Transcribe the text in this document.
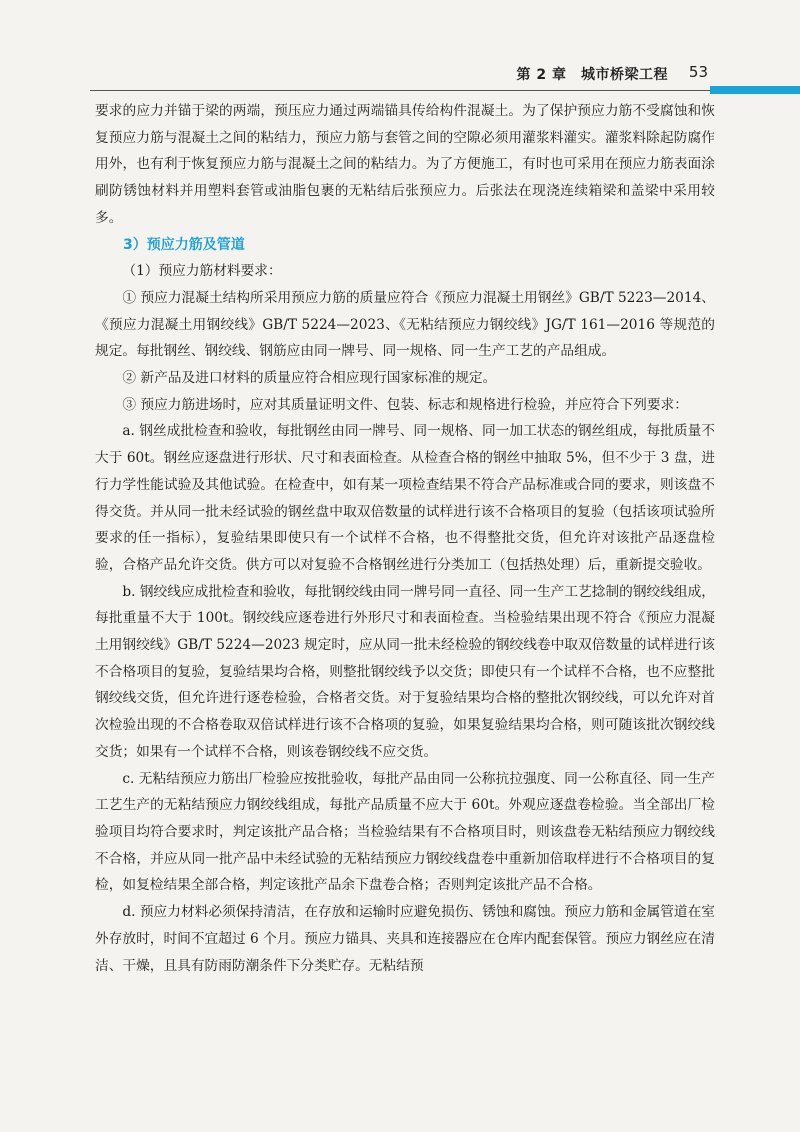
第 2 章　城市桥梁工程 53

要求的应力并锚于梁的两端，预压应力通过两端锚具传给构件混凝土。为了保护预应力筋不受腐蚀和恢复预应力筋与混凝土之间的粘结力，预应力筋与套管之间的空隙必须用灌浆料灌实。灌浆料除起防腐作用外，也有利于恢复预应力筋与混凝土之间的粘结力。为了方便施工，有时也可采用在预应力筋表面涂刷防锈蚀材料并用塑料套管或油脂包裹的无粘结后张预应力。后张法在现浇连续箱梁和盖梁中采用较多。

3）预应力筋及管道

（1）预应力筋材料要求：

① 预应力混凝土结构所采用预应力筋的质量应符合《预应力混凝土用钢丝》GB/T 5223—2014、《预应力混凝土用钢绞线》GB/T 5224—2023、《无粘结预应力钢绞线》JG/T 161—2016 等规范的规定。每批钢丝、钢绞线、钢筋应由同一牌号、同一规格、同一生产工艺的产品组成。

② 新产品及进口材料的质量应符合相应现行国家标准的规定。

③ 预应力筋进场时，应对其质量证明文件、包装、标志和规格进行检验，并应符合下列要求：

a. 钢丝成批检查和验收，每批钢丝由同一牌号、同一规格、同一加工状态的钢丝组成，每批质量不大于 60t。钢丝应逐盘进行形状、尺寸和表面检查。从检查合格的钢丝中抽取 5%，但不少于 3 盘，进行力学性能试验及其他试验。在检查中，如有某一项检查结果不符合产品标准或合同的要求，则该盘不得交货。并从同一批未经试验的钢丝盘中取双倍数量的试样进行该不合格项目的复验（包括该项试验所要求的任一指标），复验结果即使只有一个试样不合格，也不得整批交货，但允许对该批产品逐盘检验，合格产品允许交货。供方可以对复验不合格钢丝进行分类加工（包括热处理）后，重新提交验收。

b. 钢绞线应成批检查和验收，每批钢绞线由同一牌号同一直径、同一生产工艺捻制的钢绞线组成，每批重量不大于 100t。钢绞线应逐卷进行外形尺寸和表面检查。当检验结果出现不符合《预应力混凝土用钢绞线》GB/T 5224—2023 规定时，应从同一批未经检验的钢绞线卷中取双倍数量的试样进行该不合格项目的复验，复验结果均合格，则整批钢绞线予以交货；即使只有一个试样不合格，也不应整批钢绞线交货，但允许进行逐卷检验，合格者交货。对于复验结果均合格的整批次钢绞线，可以允许对首次检验出现的不合格卷取双倍试样进行该不合格项的复验，如果复验结果均合格，则可随该批次钢绞线交货；如果有一个试样不合格，则该卷钢绞线不应交货。

c. 无粘结预应力筋出厂检验应按批验收，每批产品由同一公称抗拉强度、同一公称直径、同一生产工艺生产的无粘结预应力钢绞线组成，每批产品质量不应大于 60t。外观应逐盘卷检验。当全部出厂检验项目均符合要求时，判定该批产品合格；当检验结果有不合格项目时，则该盘卷无粘结预应力钢绞线不合格，并应从同一批产品中未经试验的无粘结预应力钢绞线盘卷中重新加倍取样进行不合格项目的复检，如复检结果全部合格，判定该批产品余下盘卷合格；否则判定该批产品不合格。

d. 预应力材料必须保持清洁，在存放和运输时应避免损伤、锈蚀和腐蚀。预应力筋和金属管道在室外存放时，时间不宜超过 6 个月。预应力锚具、夹具和连接器应在仓库内配套保管。预应力钢丝应在清洁、干燥，且具有防雨防潮条件下分类贮存。无粘结预
